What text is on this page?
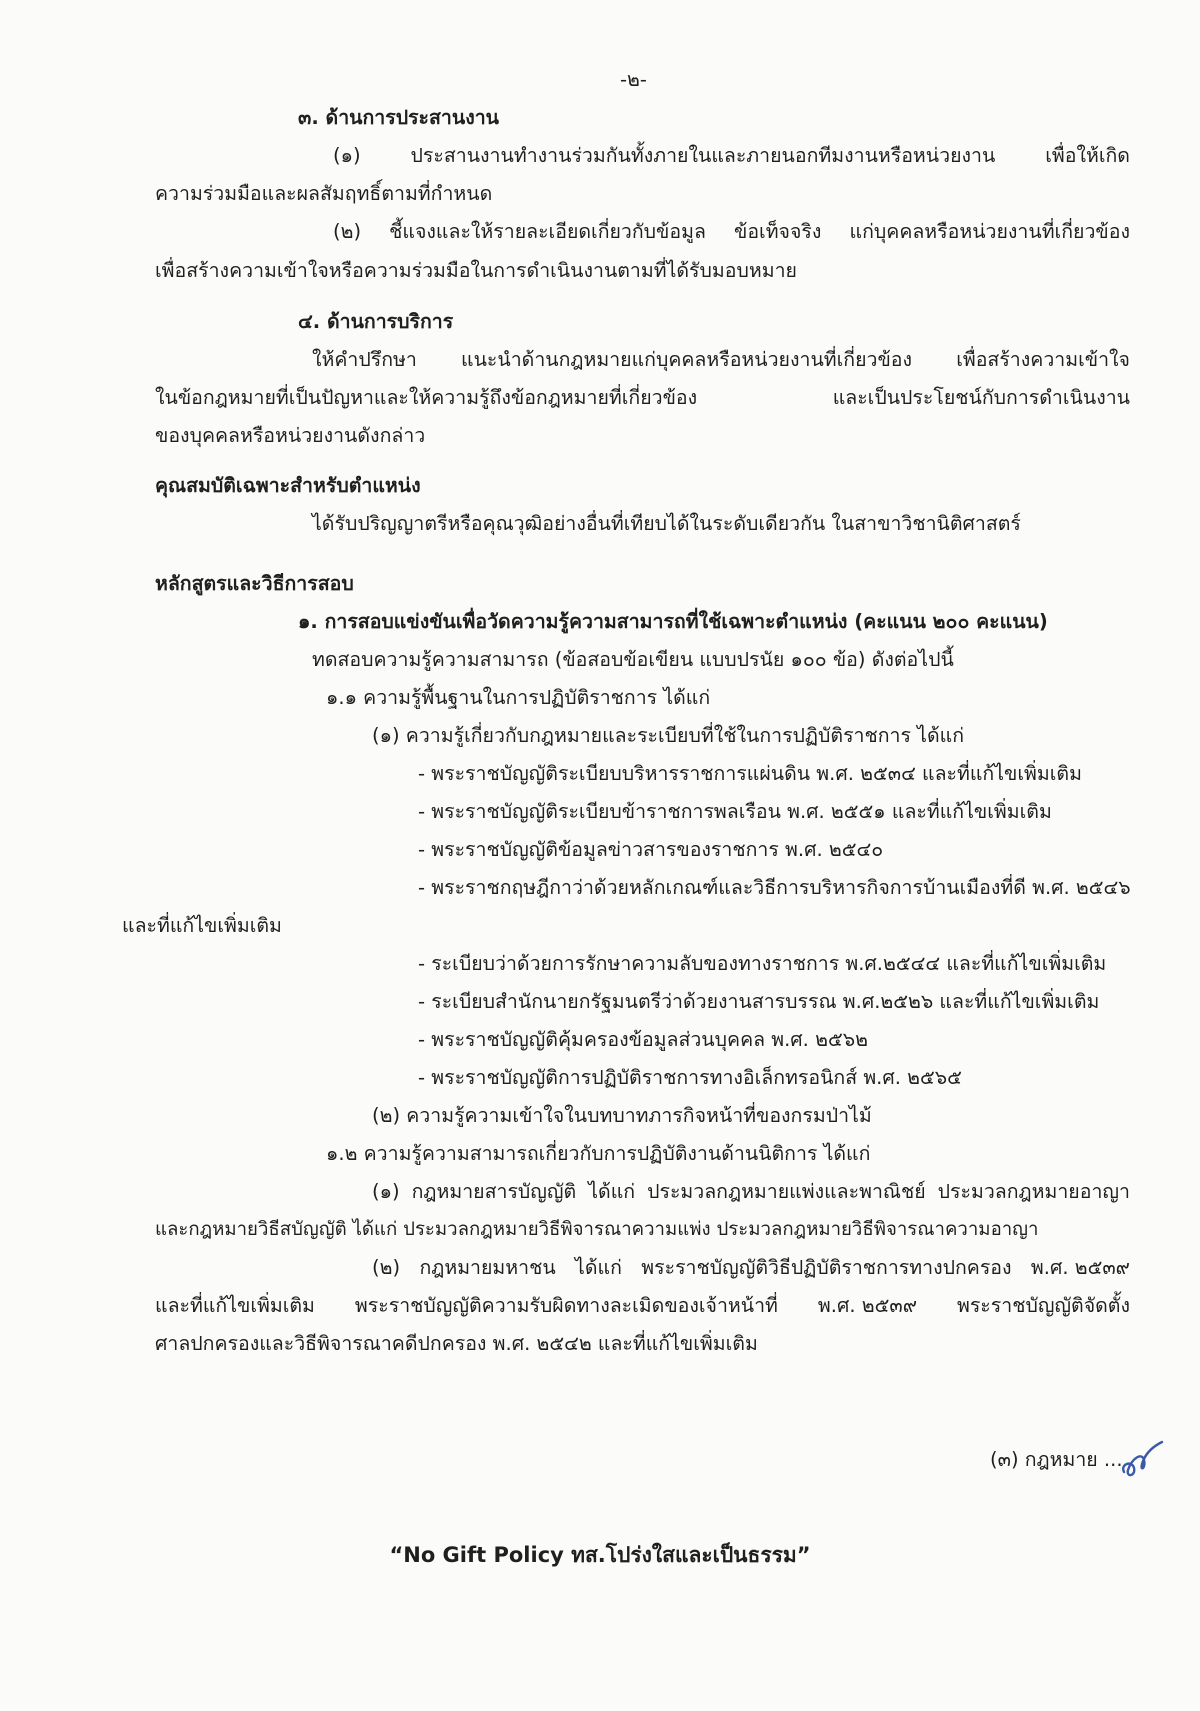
-๒-
๓. ด้านการประสานงาน
(๑)	ประสานงานทำงานร่วมกันทั้งภายในและภายนอกทีมงานหรือหน่วยงาน	เพื่อให้เกิด
ความร่วมมือและผลสัมฤทธิ์ตามที่กำหนด
(๒) ชี้แจงและให้รายละเอียดเกี่ยวกับข้อมูล ข้อเท็จจริง แก่บุคคลหรือหน่วยงานที่เกี่ยวข้อง
เพื่อสร้างความเข้าใจหรือความร่วมมือในการดำเนินงานตามที่ได้รับมอบหมาย
๔. ด้านการบริการ
ให้คำปรึกษา แนะนำด้านกฎหมายแก่บุคคลหรือหน่วยงานที่เกี่ยวข้อง เพื่อสร้างความเข้าใจ
ในข้อกฎหมายที่เป็นปัญหาและให้ความรู้ถึงข้อกฎหมายที่เกี่ยวข้อง	และเป็นประโยชน์กับการดำเนินงาน
ของบุคคลหรือหน่วยงานดังกล่าว
คุณสมบัติเฉพาะสำหรับตำแหน่ง
ได้รับปริญญาตรีหรือคุณวุฒิอย่างอื่นที่เทียบได้ในระดับเดียวกัน ในสาขาวิชานิติศาสตร์
หลักสูตรและวิธีการสอบ
๑. การสอบแข่งขันเพื่อวัดความรู้ความสามารถที่ใช้เฉพาะตำแหน่ง (คะแนน ๒๐๐ คะแนน)
ทดสอบความรู้ความสามารถ (ข้อสอบข้อเขียน แบบปรนัย ๑๐๐ ข้อ) ดังต่อไปนี้
๑.๑ ความรู้พื้นฐานในการปฏิบัติราชการ ได้แก่
(๑) ความรู้เกี่ยวกับกฎหมายและระเบียบที่ใช้ในการปฏิบัติราชการ ได้แก่
- พระราชบัญญัติระเบียบบริหารราชการแผ่นดิน พ.ศ. ๒๕๓๔ และที่แก้ไขเพิ่มเติม
- พระราชบัญญัติระเบียบข้าราชการพลเรือน พ.ศ. ๒๕๕๑ และที่แก้ไขเพิ่มเติม
- พระราชบัญญัติข้อมูลข่าวสารของราชการ พ.ศ. ๒๕๔๐
- พระราชกฤษฎีกาว่าด้วยหลักเกณฑ์และวิธีการบริหารกิจการบ้านเมืองที่ดี พ.ศ. ๒๕๔๖
และที่แก้ไขเพิ่มเติม
- ระเบียบว่าด้วยการรักษาความลับของทางราชการ พ.ศ.๒๕๔๔ และที่แก้ไขเพิ่มเติม
- ระเบียบสำนักนายกรัฐมนตรีว่าด้วยงานสารบรรณ พ.ศ.๒๕๒๖ และที่แก้ไขเพิ่มเติม
- พระราชบัญญัติคุ้มครองข้อมูลส่วนบุคคล พ.ศ. ๒๕๖๒
- พระราชบัญญัติการปฏิบัติราชการทางอิเล็กทรอนิกส์ พ.ศ. ๒๕๖๕
(๒) ความรู้ความเข้าใจในบทบาทภารกิจหน้าที่ของกรมป่าไม้
๑.๒ ความรู้ความสามารถเกี่ยวกับการปฏิบัติงานด้านนิติการ ได้แก่
(๑) กฎหมายสารบัญญัติ ได้แก่ ประมวลกฎหมายแพ่งและพาณิชย์ ประมวลกฎหมายอาญา
และกฎหมายวิธีสบัญญัติ ได้แก่ ประมวลกฎหมายวิธีพิจารณาความแพ่ง ประมวลกฎหมายวิธีพิจารณาความอาญา
(๒) กฎหมายมหาชน ได้แก่ พระราชบัญญัติวิธีปฏิบัติราชการทางปกครอง พ.ศ. ๒๕๓๙
และที่แก้ไขเพิ่มเติม พระราชบัญญัติความรับผิดทางละเมิดของเจ้าหน้าที่ พ.ศ. ๒๕๓๙ พระราชบัญญัติจัดตั้ง
ศาลปกครองและวิธีพิจารณาคดีปกครอง พ.ศ. ๒๕๔๒ และที่แก้ไขเพิ่มเติม
(๓) กฎหมาย ...
“No Gift Policy ทส.โปร่งใสและเป็นธรรม”
